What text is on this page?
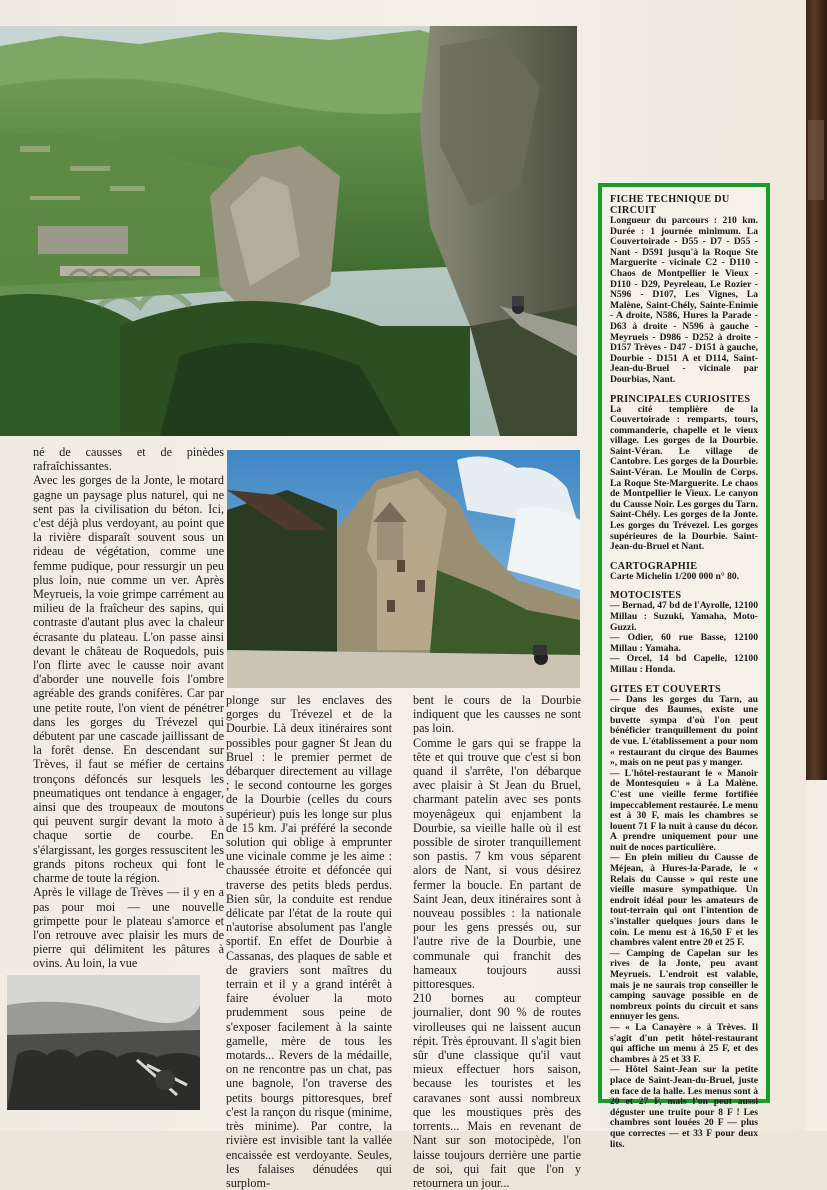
né de causses et de pinèdes rafraîchissantes.

Avec les gorges de la Jonte, le motard gagne un paysage plus naturel, qui ne sent pas la civilisation du béton. Ici, c'est déjà plus verdoyant, au point que la rivière disparaît souvent sous un rideau de végétation, comme une femme pudique, pour ressurgir un peu plus loin, nue comme un ver. Après Meyrueis, la voie grimpe carrément au milieu de la fraîcheur des sapins, qui contraste d'autant plus avec la chaleur écrasante du plateau. L'on passe ainsi devant le château de Roquedols, puis l'on flirte avec le causse noir avant d'aborder une nouvelle fois l'ombre agréable des grands conifères. Car par une petite route, l'on vient de pénétrer dans les gorges du Trévezel qui débutent par une cascade jaillissant de la forêt dense. En descendant sur Trèves, il faut se méfier de certains tronçons défoncés sur lesquels les pneumatiques ont tendance à engager, ainsi que des troupeaux de moutons qui peuvent surgir devant la moto à chaque sortie de courbe. En s'élargissant, les gorges ressuscitent les grands pitons rocheux qui font le charme de toute la région.

Après le village de Trèves — il y en a pas pour moi — une nouvelle grimpette pour le plateau s'amorce et l'on retrouve avec plaisir les murs de pierre qui délimitent les pâtures à ovins. Au loin, la vue

plonge sur les enclaves des gorges du Trévezel et de la Dourbie. Là deux itinéraires sont possibles pour gagner St Jean du Bruel : le premier permet de débarquer directement au village ; le second contourne les gorges de la Dourbie (celles du cours supérieur) puis les longe sur plus de 15 km. J'ai préféré la seconde solution qui oblige à emprunter une vicinale comme je les aime : chaussée étroite et défoncée qui traverse des petits bleds perdus. Bien sûr, la conduite est rendue délicate par l'état de la route qui n'autorise absolument pas l'angle sportif. En effet de Dourbie à Cassanas, des plaques de sable et de graviers sont maîtres du terrain et il y a grand intérêt à faire évoluer la moto prudemment sous peine de s'exposer facilement à la sainte gamelle, mère de tous les motards... Revers de la médaille, on ne rencontre pas un chat, pas une bagnole, l'on traverse des petits bourgs pittoresques, bref c'est la rançon du risque (minime, très minime). Par contre, la rivière est invisible tant la vallée encaissée est verdoyante. Seules, les falaises dénudées qui surplom-

bent le cours de la Dourbie indiquent que les causses ne sont pas loin.

Comme le gars qui se frappe la tête et qui trouve que c'est si bon quand il s'arrête, l'on débarque avec plaisir à St Jean du Bruel, charmant patelin avec ses ponts moyenâgeux qui enjambent la Dourbie, sa vieille halle où il est possible de siroter tranquillement son pastis. 7 km vous séparent alors de Nant, si vous désirez fermer la boucle. En partant de Saint Jean, deux itinéraires sont à nouveau possibles : la nationale pour les gens pressés ou, sur l'autre rive de la Dourbie, une communale qui franchit des hameaux toujours aussi pittoresques.

210 bornes au compteur journalier, dont 90 % de routes virolleuses qui ne laissent aucun répit. Très éprouvant. Il s'agit bien sûr d'une classique qu'il vaut mieux effectuer hors saison, because les touristes et les caravanes sont aussi nombreux que les moustiques près des torrents... Mais en revenant de Nant sur son motocipède, l'on laisse toujours derrière une partie de soi, qui fait que l'on y retournera un jour...

FICHE TECHNIQUE DU CIRCUIT
Longueur du parcours : 210 km. Durée : 1 journée minimum. La Couvertoirade - D55 - D7 - D55 - Nant - D591 jusqu'à la Roque Ste Marguerite - vicinale C2 - D110 - Chaos de Montpellier le Vieux - D110 - D29, Peyreleau, Le Rozier - N596 - D107, Les Vignes, La Malène, Saint-Chély, Sainte-Enimie - A droite, N586, Hures la Parade - D63 à droite - N596 à gauche - Meyrueis - D986 - D252 à droite - D157 Trèves - D47 - D151 à gauche, Dourbie - D151 A et D114, Saint-Jean-du-Bruel - vicinale par Dourbias, Nant.
PRINCIPALES CURIOSITES
La cité templière de la Couvertoirade : remparts, tours, commanderie, chapelle et le vieux village. Les gorges de la Dourbie. Saint-Véran. Le village de Cantobre. Les gorges de la Dourbie. Saint-Véran. Le Moulin de Corps. La Roque Ste-Marguerite. Le chaos de Montpellier le Vieux. Le canyon du Causse Noir. Les gorges du Tarn. Saint-Chély. Les gorges de la Jonte. Les gorges du Trévezel. Les gorges supérieures de la Dourbie. Saint-Jean-du-Bruel et Nant.
CARTOGRAPHIE
Carte Michelin 1/200 000 n° 80.
MOTOCISTES
— Bernad, 47 bd de l'Ayrolle, 12100 Millau : Suzuki, Yamaha, Moto-Guzzi.
— Odier, 60 rue Basse, 12100 Millau : Yamaha.
— Orcel, 14 bd Capelle, 12100 Millau : Honda.
GITES ET COUVERTS
— Dans les gorges du Tarn, au cirque des Baumes, existe une buvette sympa d'où l'on peut bénéficier tranquillement du point de vue. L'établissement a pour nom « restaurant du cirque des Baumes », mais on ne peut pas y manger.
— L'hôtel-restaurant le « Manoir de Montesquieu » à La Malène. C'est une vieille ferme fortifiée impeccablement restaurée. Le menu est à 30 F, mais les chambres se louent 71 F la nuit à cause du décor. A prendre uniquement pour une nuit de noces particulière.
— En plein milieu du Causse de Méjean, à Hures-la-Parade, le « Relais du Causse » qui reste une vieille masure sympathique. Un endroit idéal pour les amateurs de tout-terrain qui ont l'intention de s'installer quelques jours dans le coin. Le menu est à 16,50 F et les chambres valent entre 20 et 25 F.
— Camping de Capelan sur les rives de la Jonte, peu avant Meyrueis. L'endroit est valable, mais je ne saurais trop conseiller le camping sauvage possible en de nombreux points du circuit et sans ennuyer les gens.
— « La Canayère » à Trèves. Il s'agit d'un petit hôtel-restaurant qui affiche un menu à 25 F, et des chambres à 25 et 33 F.
— Hôtel Saint-Jean sur la petite place de Saint-Jean-du-Bruel, juste en face de la halle. Les menus sont à 20 et 27 F, mais l'on peut aussi déguster une truite pour 8 F ! Les chambres sont louées 20 F — plus que correctes — et 33 F pour deux lits.
